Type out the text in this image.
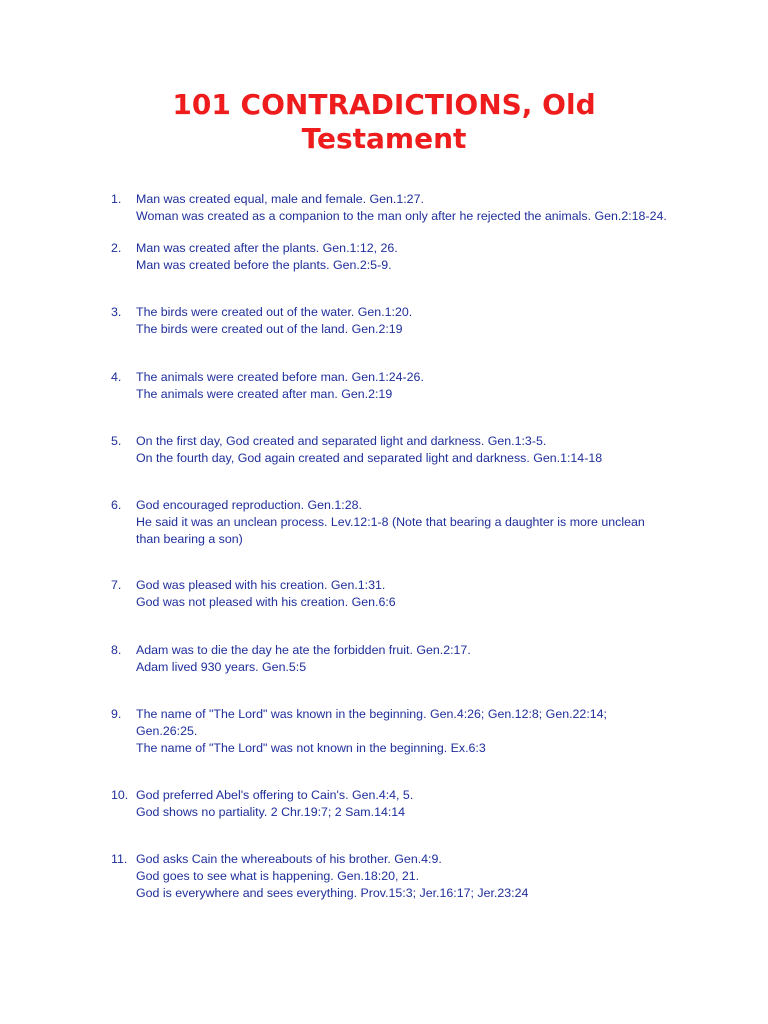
101 CONTRADICTIONS, Old
Testament
1.	Man was created equal, male and female. Gen.1:27.
Woman was created as a companion to the man only after he rejected the animals. Gen.2:18-24.
2.	Man was created after the plants. Gen.1:12, 26.
Man was created before the plants. Gen.2:5-9.
3.	The birds were created out of the water. Gen.1:20.
The birds were created out of the land. Gen.2:19
4.	The animals were created before man. Gen.1:24-26.
The animals were created after man. Gen.2:19
5.	On the first day, God created and separated light and darkness. Gen.1:3-5.
On the fourth day, God again created and separated light and darkness. Gen.1:14-18
6.	God encouraged reproduction. Gen.1:28.
He said it was an unclean process. Lev.12:1-8 (Note that bearing a daughter is more unclean
than bearing a son)
7.	God was pleased with his creation. Gen.1:31.
God was not pleased with his creation. Gen.6:6
8.	Adam was to die the day he ate the forbidden fruit. Gen.2:17.
Adam lived 930 years. Gen.5:5
9.	The name of "The Lord" was known in the beginning. Gen.4:26; Gen.12:8; Gen.22:14;
Gen.26:25.
The name of "The Lord" was not known in the beginning. Ex.6:3
10. God preferred Abel's offering to Cain's. Gen.4:4, 5.
God shows no partiality. 2 Chr.19:7; 2 Sam.14:14
11. God asks Cain the whereabouts of his brother. Gen.4:9.
God goes to see what is happening. Gen.18:20, 21.
God is everywhere and sees everything. Prov.15:3; Jer.16:17; Jer.23:24
